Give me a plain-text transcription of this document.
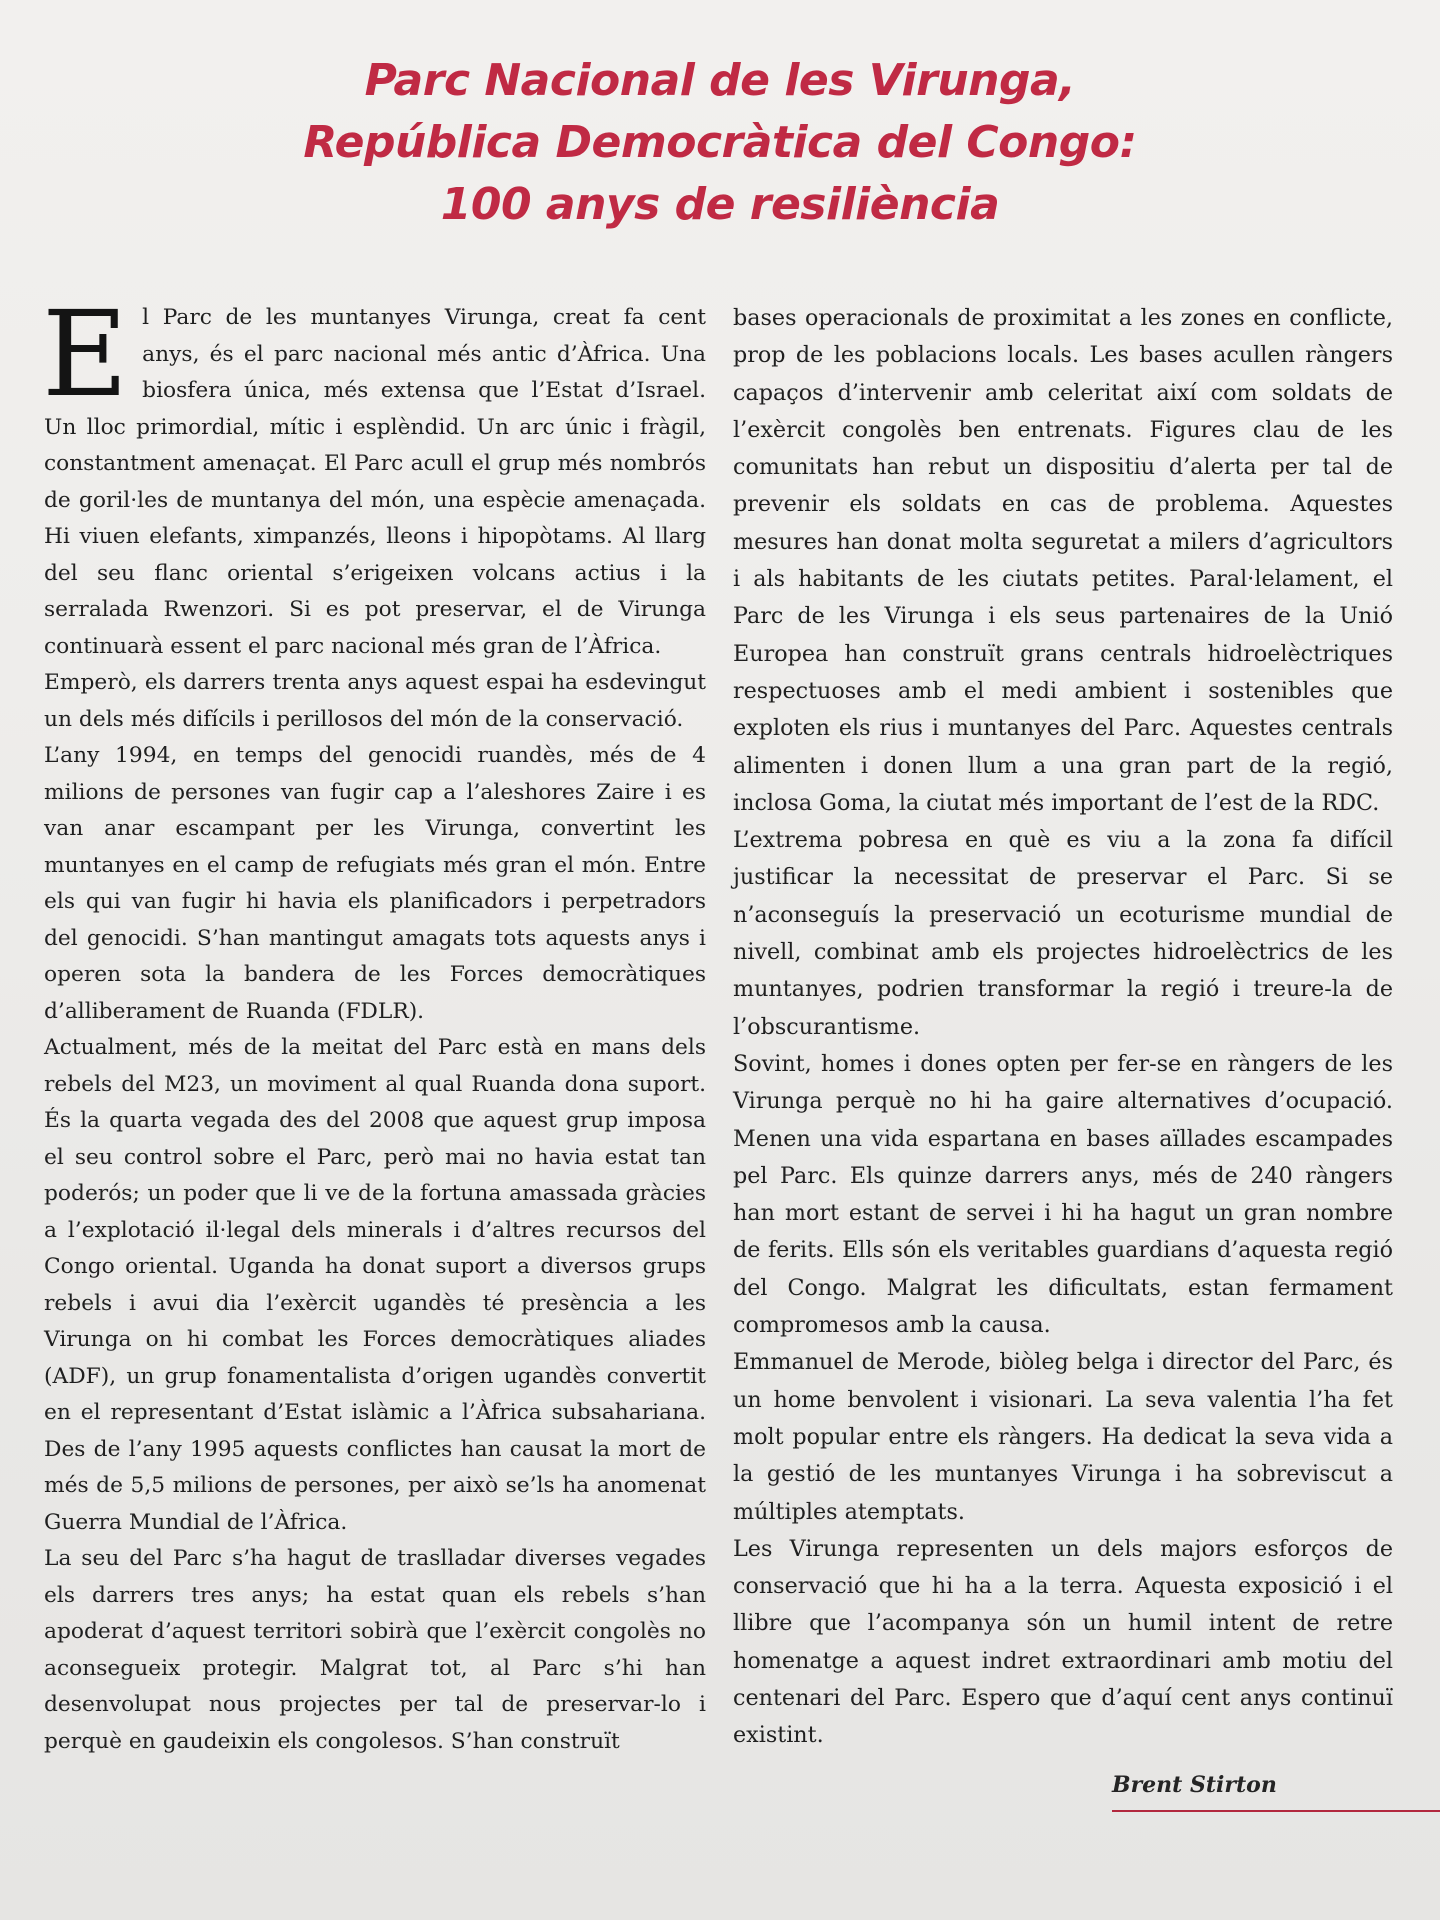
Parc Nacional de les Virunga,
República Democràtica del Congo:
100 anys de resiliència

El Parc de les muntanyes Virunga, creat fa cent anys, és el parc nacional més antic d’Àfrica. Una biosfera única, més extensa que l’Estat d’Israel. Un lloc primordial, mític i esplèndid. Un arc únic i fràgil, constantment amenaçat. El Parc acull el grup més nombrós de goril·les de muntanya del món, una espècie amenaçada. Hi viuen elefants, ximpanzés, lleons i hipopòtams. Al llarg del seu flanc oriental s’erigeixen volcans actius i la serralada Rwenzori. Si es pot preservar, el de Virunga continuarà essent el parc nacional més gran de l’Àfrica.

Emperò, els darrers trenta anys aquest espai ha esdevingut un dels més difícils i perillosos del món de la conservació.

L’any 1994, en temps del genocidi ruandès, més de 4 milions de persones van fugir cap a l’aleshores Zaire i es van anar escampant per les Virunga, convertint les muntanyes en el camp de refugiats més gran el món. Entre els qui van fugir hi havia els planificadors i perpetradors del genocidi. S’han mantingut amagats tots aquests anys i operen sota la bandera de les Forces democràtiques d’alliberament de Ruanda (FDLR).

Actualment, més de la meitat del Parc està en mans dels rebels del M23, un moviment al qual Ruanda dona suport. És la quarta vegada des del 2008 que aquest grup imposa el seu control sobre el Parc, però mai no havia estat tan poderós; un poder que li ve de la fortuna amassada gràcies a l’explotació il·legal dels minerals i d’altres recursos del Congo oriental. Uganda ha donat suport a diversos grups rebels i avui dia l’exèrcit ugandès té presència a les Virunga on hi combat les Forces democràtiques aliades (ADF), un grup fonamentalista d’origen ugandès convertit en el representant d’Estat islàmic a l’Àfrica subsahariana. Des de l’any 1995 aquests conflictes han causat la mort de més de 5,5 milions de persones, per això se’ls ha anomenat Guerra Mundial de l’Àfrica.

La seu del Parc s’ha hagut de traslladar diverses vegades els darrers tres anys; ha estat quan els rebels s’han apoderat d’aquest territori sobirà que l’exèrcit congolès no aconsegueix protegir. Malgrat tot, al Parc s’hi han desenvolupat nous projectes per tal de preservar-lo i perquè en gaudeixin els congolesos. S’han construït

bases operacionals de proximitat a les zones en conflicte, prop de les poblacions locals. Les bases acullen ràngers capaços d’intervenir amb celeritat així com soldats de l’exèrcit congolès ben entrenats. Figures clau de les comunitats han rebut un dispositiu d’alerta per tal de prevenir els soldats en cas de problema. Aquestes mesures han donat molta seguretat a milers d’agricultors i als habitants de les ciutats petites. Paral·lelament, el Parc de les Virunga i els seus partenaires de la Unió Europea han construït grans centrals hidroelèctriques respectuoses amb el medi ambient i sostenibles que exploten els rius i muntanyes del Parc. Aquestes centrals alimenten i donen llum a una gran part de la regió, inclosa Goma, la ciutat més important de l’est de la RDC.

L’extrema pobresa en què es viu a la zona fa difícil justificar la necessitat de preservar el Parc. Si se n’aconseguís la preservació un ecoturisme mundial de nivell, combinat amb els projectes hidroelèctrics de les muntanyes, podrien transformar la regió i treure-la de l’obscurantisme.

Sovint, homes i dones opten per fer-se en ràngers de les Virunga perquè no hi ha gaire alternatives d’ocupació. Menen una vida espartana en bases aïllades escampades pel Parc. Els quinze darrers anys, més de 240 ràngers han mort estant de servei i hi ha hagut un gran nombre de ferits. Ells són els veritables guardians d’aquesta regió del Congo. Malgrat les dificultats, estan fermament compromesos amb la causa.

Emmanuel de Merode, biòleg belga i director del Parc, és un home benvolent i visionari. La seva valentia l’ha fet molt popular entre els ràngers. Ha dedicat la seva vida a la gestió de les muntanyes Virunga i ha sobreviscut a múltiples atemptats.

Les Virunga representen un dels majors esforços de conservació que hi ha a la terra. Aquesta exposició i el llibre que l’acompanya són un humil intent de retre homenatge a aquest indret extraordinari amb motiu del centenari del Parc. Espero que d’aquí cent anys continuï existint.

Brent Stirton
